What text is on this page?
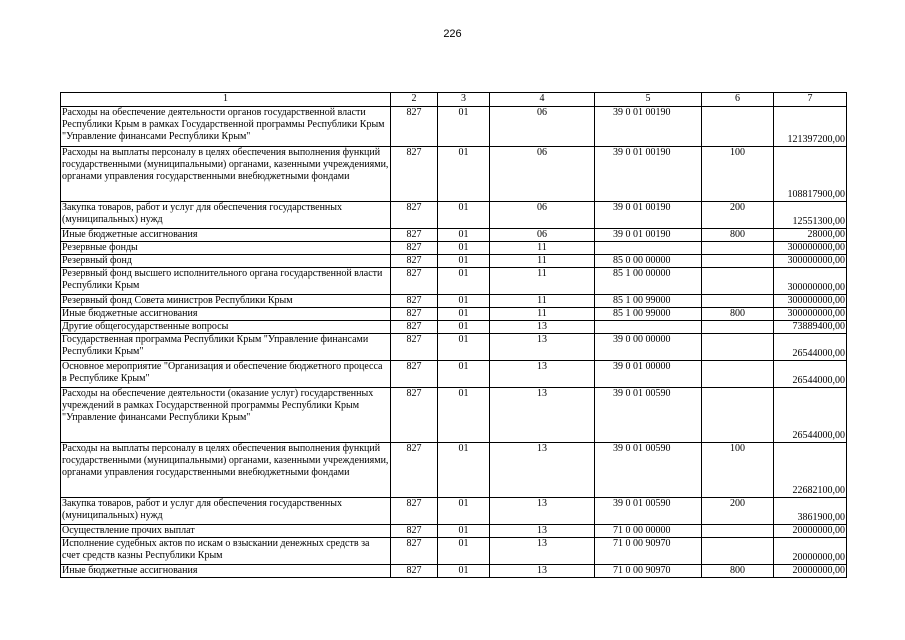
226
1	2	3	4	5	6	7
Расходы на обеспечение деятельности органов государственной власти Республики Крым в рамках Государственной программы Республики Крым "Управление финансами Республики Крым"	827	01	06	39 0 01 00190		121397200,00
Расходы на выплаты персоналу в целях обеспечения выполнения функций государственными (муниципальными) органами, казенными учреждениями, органами управления государственными внебюджетными фондами	827	01	06	39 0 01 00190	100	108817900,00
Закупка товаров, работ и услуг для обеспечения государственных (муниципальных) нужд	827	01	06	39 0 01 00190	200	12551300,00
Иные бюджетные ассигнования	827	01	06	39 0 01 00190	800	28000,00
Резервные фонды	827	01	11			300000000,00
Резервный фонд	827	01	11	85 0 00 00000		300000000,00
Резервный фонд высшего исполнительного органа государственной власти Республики Крым	827	01	11	85 1 00 00000		300000000,00
Резервный фонд Совета министров Республики Крым	827	01	11	85 1 00 99000		300000000,00
Иные бюджетные ассигнования	827	01	11	85 1 00 99000	800	300000000,00
Другие общегосударственные вопросы	827	01	13			73889400,00
Государственная программа Республики Крым "Управление финансами Республики Крым"	827	01	13	39 0 00 00000		26544000,00
Основное мероприятие "Организация и обеспечение бюджетного процесса в Республике Крым"	827	01	13	39 0 01 00000		26544000,00
Расходы на обеспечение деятельности (оказание услуг) государственных учреждений в рамках Государственной программы Республики Крым "Управление финансами Республики Крым"	827	01	13	39 0 01 00590		26544000,00
Расходы на выплаты персоналу в целях обеспечения выполнения функций государственными (муниципальными) органами, казенными учреждениями, органами управления государственными внебюджетными фондами	827	01	13	39 0 01 00590	100	22682100,00
Закупка товаров, работ и услуг для обеспечения государственных (муниципальных) нужд	827	01	13	39 0 01 00590	200	3861900,00
Осуществление прочих выплат	827	01	13	71 0 00 00000		20000000,00
Исполнение судебных актов по искам о взыскании денежных средств за счет средств казны Республики Крым	827	01	13	71 0 00 90970		20000000,00
Иные бюджетные ассигнования	827	01	13	71 0 00 90970	800	20000000,00
